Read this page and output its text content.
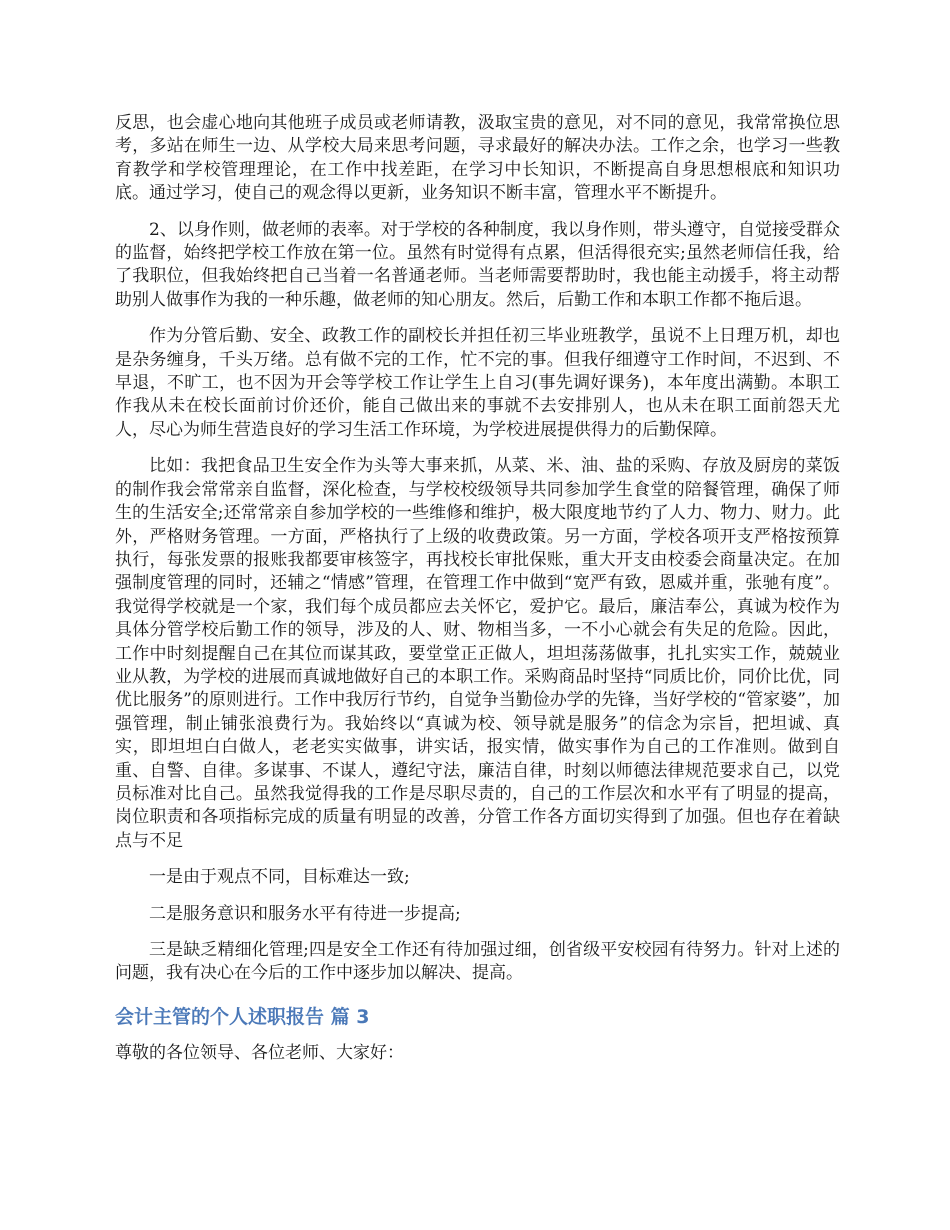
反思，也会虚心地向其他班子成员或老师请教，汲取宝贵的意见，对不同的意见，我常常换位思考，多站在师生一边、从学校大局来思考问题，寻求最好的解决办法。工作之余，也学习一些教育教学和学校管理理论，在工作中找差距，在学习中长知识，不断提高自身思想根底和知识功底。通过学习，使自己的观念得以更新，业务知识不断丰富，管理水平不断提升。

2、以身作则，做老师的表率。对于学校的各种制度，我以身作则，带头遵守，自觉接受群众的监督，始终把学校工作放在第一位。虽然有时觉得有点累，但活得很充实;虽然老师信任我，给了我职位，但我始终把自己当着一名普通老师。当老师需要帮助时，我也能主动援手，将主动帮助别人做事作为我的一种乐趣，做老师的知心朋友。然后，后勤工作和本职工作都不拖后退。

作为分管后勤、安全、政教工作的副校长并担任初三毕业班教学，虽说不上日理万机，却也是杂务缠身，千头万绪。总有做不完的工作，忙不完的事。但我仔细遵守工作时间，不迟到、不早退，不旷工，也不因为开会等学校工作让学生上自习(事先调好课务)，本年度出满勤。本职工作我从未在校长面前讨价还价，能自己做出来的事就不去安排别人，也从未在职工面前怨天尤人，尽心为师生营造良好的学习生活工作环境，为学校进展提供得力的后勤保障。

比如：我把食品卫生安全作为头等大事来抓，从菜、米、油、盐的采购、存放及厨房的菜饭的制作我会常常亲自监督，深化检查，与学校校级领导共同参加学生食堂的陪餐管理，确保了师生的生活安全;还常常亲自参加学校的一些维修和维护，极大限度地节约了人力、物力、财力。此外，严格财务管理。一方面，严格执行了上级的收费政策。另一方面，学校各项开支严格按预算执行，每张发票的报账我都要审核签字，再找校长审批保账，重大开支由校委会商量决定。在加强制度管理的同时，还辅之“情感”管理，在管理工作中做到“宽严有致，恩威并重，张驰有度”。我觉得学校就是一个家，我们每个成员都应去关怀它，爱护它。最后，廉洁奉公，真诚为校作为具体分管学校后勤工作的领导，涉及的人、财、物相当多，一不小心就会有失足的危险。因此，工作中时刻提醒自己在其位而谋其政，要堂堂正正做人，坦坦荡荡做事，扎扎实实工作，兢兢业业从教，为学校的进展而真诚地做好自己的本职工作。采购商品时坚持“同质比价，同价比优，同优比服务”的原则进行。工作中我厉行节约，自觉争当勤俭办学的先锋，当好学校的“管家婆”，加强管理，制止铺张浪费行为。我始终以“真诚为校、领导就是服务”的信念为宗旨，把坦诚、真实，即坦坦白白做人，老老实实做事，讲实话，报实情，做实事作为自己的工作准则。做到自重、自警、自律。多谋事、不谋人，遵纪守法，廉洁自律，时刻以师德法律规范要求自己，以党员标准对比自己。虽然我觉得我的工作是尽职尽责的，自己的工作层次和水平有了明显的提高，岗位职责和各项指标完成的质量有明显的改善，分管工作各方面切实得到了加强。但也存在着缺点与不足

一是由于观点不同，目标难达一致;

二是服务意识和服务水平有待进一步提高;

三是缺乏精细化管理;四是安全工作还有待加强过细，创省级平安校园有待努力。针对上述的问题，我有决心在今后的工作中逐步加以解决、提高。

会计主管的个人述职报告 篇 3

尊敬的各位领导、各位老师、大家好：
